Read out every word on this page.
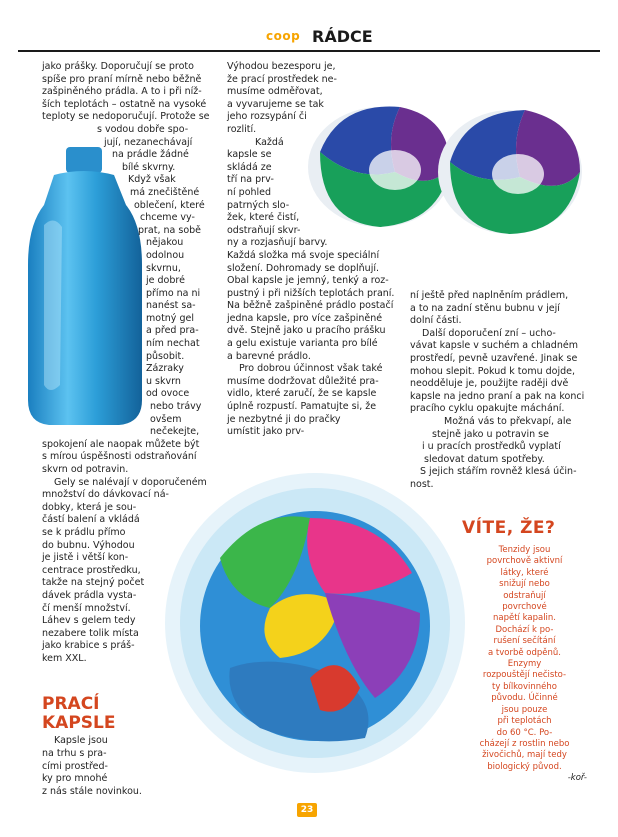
coop RÁDCE
jako prášky. Doporučují se proto
spíše pro praní mírně nebo běžně
zašpiněného prádla. A to i při níž-
ších teplotách – ostatně na vysoké
teploty se nedoporučují. Protože se
s vodou dobře spo-
jují, nezanechávají
na prádle žádné
bílé skvrny.
Když však
má znečištěné
oblečení, které
chceme vy-
prat, na sobě
nějakou
odolnou
skvrnu,
je dobré
přímo na ni
nanést sa-
motný gel
a před pra-
ním nechat
působit.
Zázraky
u skvrn
od ovoce
nebo trávy
ovšem
nečekejte,
spokojení ale naopak můžete být
s mírou úspěšnosti odstraňování
skvrn od potravin.
Gely se nalévají v doporučeném
množství do dávkovací ná-
dobky, která je sou-
částí balení a vkládá
se k prádlu přímo
do bubnu. Výhodou
je jistě i větší kon-
centrace prostředku,
takže na stejný počet
dávek prádla vysta-
čí menší množství.
Láhev s gelem tedy
nezabere tolik místa
jako krabice s práš-
kem XXL.
Výhodou bezesporu je,
že prací prostředek ne-
musíme odměřovat,
a vyvarujeme se tak
jeho rozsypání či
rozlití.
Každá
kapsle se
skládá ze
tří na prv-
ní pohled
patrných slo-
žek, které čistí,
odstraňují skvr-
ny a rozjasňují barvy.
Každá složka má svoje speciální
složení. Dohromady se doplňují.
Obal kapsle je jemný, tenký a roz-
pustný i při nižších teplotách praní.
Na běžně zašpiněné prádlo postačí
jedna kapsle, pro více zašpiněné
dvě. Stejně jako u pracího prášku
a gelu existuje varianta pro bílé
a barevné prádlo.
Pro dobrou účinnost však také
musíme dodržovat důležité pra-
vidlo, které zaručí, že se kapsle
úplně rozpustí. Pamatujte si, že
je nezbytné ji do pračky
umístit jako prv-
ní ještě před naplněním prádlem,
a to na zadní stěnu bubnu v její
dolní části.
Další doporučení zní – ucho-
vávat kapsle v suchém a chladném
prostředí, pevně uzavřené. Jinak se
mohou slepit. Pokud k tomu dojde,
neodděluje je, použijte raději dvě
kapsle na jedno praní a pak na konci
pracího cyklu opakujte máchání.
Možná vás to překvapí, ale
stejně jako u potravin se
i u pracích prostředků vyplatí
sledovat datum spotřeby.
S jejich stářím rovněž klesá účin-
nost.
PRACÍ
KAPSLE
Kapsle jsou
na trhu s pra-
cími prostřed-
ky pro mnohé
z nás stále novinkou.
VÍTE, ŽE?
Tenzidy jsou
povrchově aktivní
látky, které
snižují nebo
odstraňují
povrchové
napětí kapalin.
Dochází k po-
rušení sečítání
a tvorbě odpěnů.
Enzymy
rozpouštějí nečisto-
ty bílkovinného
původu. Účinné
jsou pouze
při teplotách
do 60 °C. Po-
cházejí z rostlin nebo
živočichů, mají tedy
biologický původ.
-koř-
23
